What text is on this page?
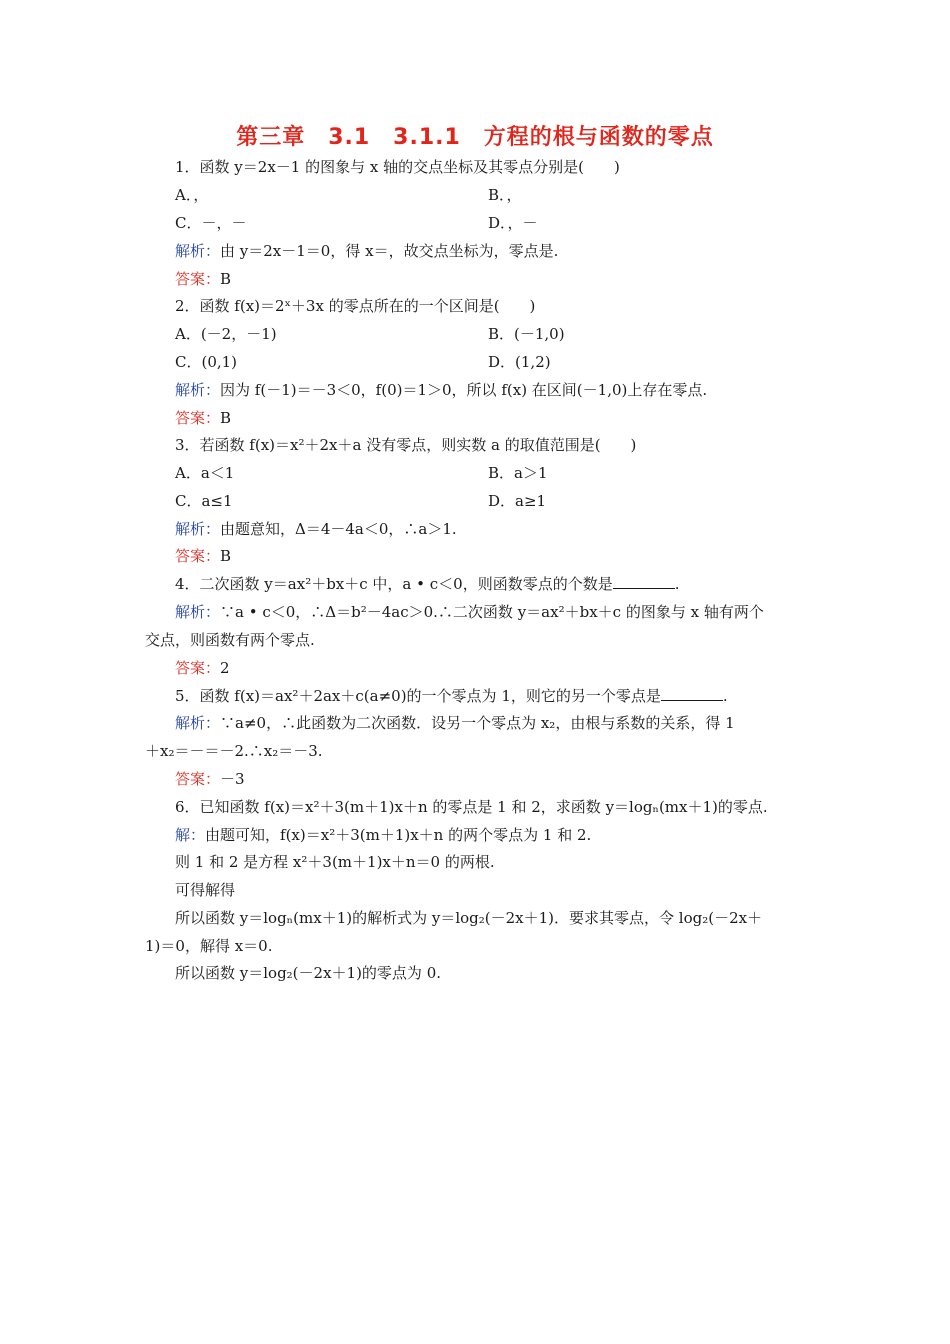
第三章　3.1　3.1.1　方程的根与函数的零点
1．函数 y＝2x－1 的图象与 x 轴的交点坐标及其零点分别是(　　)
A．，	B．，
C．－，－	D．，－
解析：由 y＝2x－1＝0，得 x＝，故交点坐标为，零点是.
答案：B
2．函数 f(x)＝2ˣ＋3x 的零点所在的一个区间是(　　)
A．(－2，－1)	B．(－1,0)
C．(0,1)	D．(1,2)
解析：因为 f(－1)＝－3＜0，f(0)＝1＞0，所以 f(x) 在区间(－1,0)上存在零点.
答案：B
3．若函数 f(x)＝x²＋2x＋a 没有零点，则实数 a 的取值范围是(　　)
A．a＜1	B．a＞1
C．a≤1	D．a≥1
解析：由题意知，Δ＝4－4a＜0，∴a＞1.
答案：B
4．二次函数 y＝ax²＋bx＋c 中，a • c＜0，则函数零点的个数是	.
解析：∵a • c＜0，∴Δ＝b²－4ac＞0.∴二次函数 y＝ax²＋bx＋c 的图象与 x 轴有两个
交点，则函数有两个零点.
答案：2
5．函数 f(x)＝ax²＋2ax＋c(a≠0)的一个零点为 1，则它的另一个零点是	.
解析：∵a≠0，∴此函数为二次函数．设另一个零点为 x₂，由根与系数的关系，得 1
＋x₂＝－＝－2.∴x₂＝－3.
答案：－3
6．已知函数 f(x)＝x²＋3(m＋1)x＋n 的零点是 1 和 2，求函数 y＝logₙ(mx＋1)的零点.
解：由题可知，f(x)＝x²＋3(m＋1)x＋n 的两个零点为 1 和 2.
则 1 和 2 是方程 x²＋3(m＋1)x＋n＝0 的两根.
可得解得
所以函数 y＝logₙ(mx＋1)的解析式为 y＝log₂(－2x＋1)．要求其零点，令 log₂(－2x＋
1)＝0，解得 x＝0.
所以函数 y＝log₂(－2x＋1)的零点为 0.
